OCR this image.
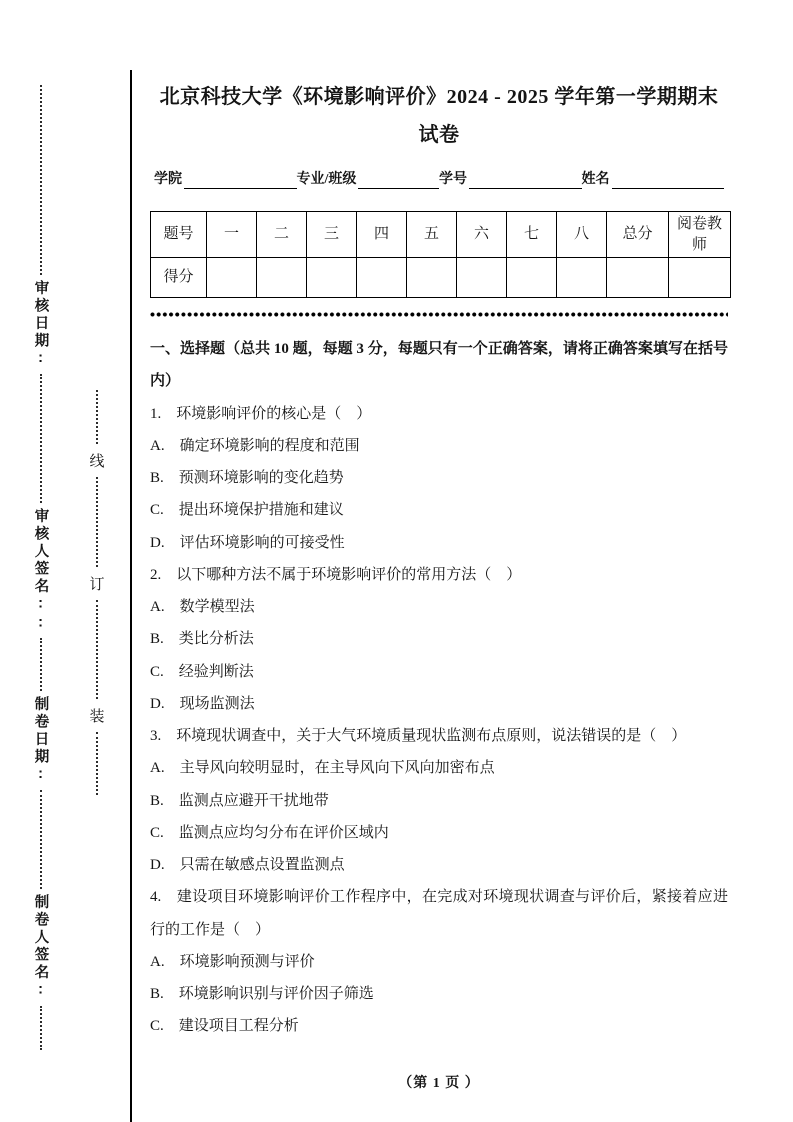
审核日期:
审核人签名::
制卷日期:
制卷人签名:
线
订
装
北京科技大学《环境影响评价》2024 - 2025 学年第一学期期末试卷
学院	专业/班级	学号	姓名
题号	一	二	三	四	五	六	七	八	总分	阅卷教师
得分										

一、选择题（总共 10 题，每题 3 分，每题只有一个正确答案，请将正确答案填写在括号内）

1.　环境影响评价的核心是（　）

A.　确定环境影响的程度和范围

B.　预测环境影响的变化趋势

C.　提出环境保护措施和建议

D.　评估环境影响的可接受性

2.　以下哪种方法不属于环境影响评价的常用方法（　）

A.　数学模型法

B.　类比分析法

C.　经验判断法

D.　现场监测法

3.　环境现状调查中，关于大气环境质量现状监测布点原则，说法错误的是（　）

A.　主导风向较明显时，在主导风向下风向加密布点

B.　监测点应避开干扰地带

C.　监测点应均匀分布在评价区域内

D.　只需在敏感点设置监测点

4.　建设项目环境影响评价工作程序中，在完成对环境现状调查与评价后，紧接着应进行的工作是（　）

A.　环境影响预测与评价

B.　环境影响识别与评价因子筛选

C.　建设项目工程分析

（第 1 页 ）
